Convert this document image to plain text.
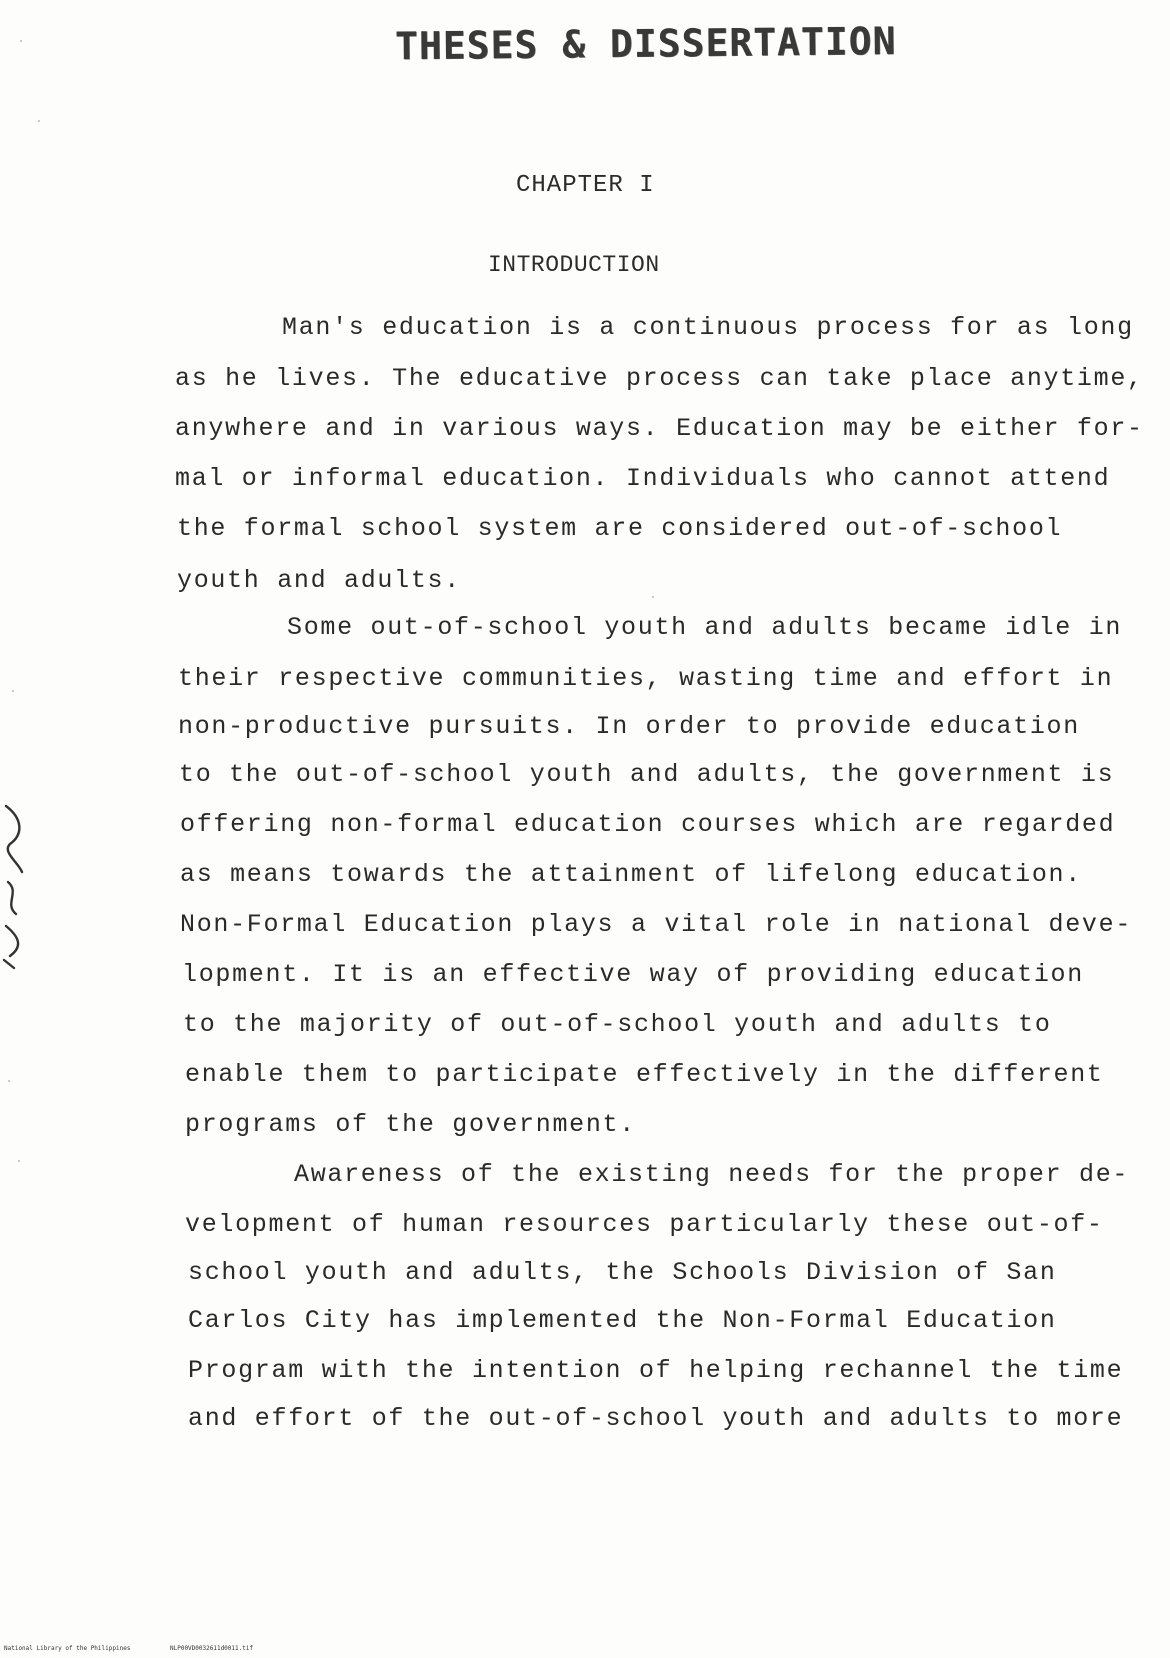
THESES & DISSERTATION
CHAPTER I
INTRODUCTION
Man's education is a continuous process for as long
as he lives. The educative process can take place anytime,
anywhere and in various ways. Education may be either for-
mal or informal education. Individuals who cannot attend
the formal school system are considered out-of-school
youth and adults.
Some out-of-school youth and adults became idle in
their respective communities, wasting time and effort in
non-productive pursuits. In order to provide education
to the out-of-school youth and adults, the government is
offering non-formal education courses which are regarded
as means towards the attainment of lifelong education.
Non-Formal Education plays a vital role in national deve-
lopment. It is an effective way of providing education
to the majority of out-of-school youth and adults to
enable them to participate effectively in the different
programs of the government.
Awareness of the existing needs for the proper de-
velopment of human resources particularly these out-of-
school youth and adults, the Schools Division of San
Carlos City has implemented the Non-Formal Education
Program with the intention of helping rechannel the time
and effort of the out-of-school youth and adults to more
National Library of the Philippines	NLP00VD0032611d0011.tif
